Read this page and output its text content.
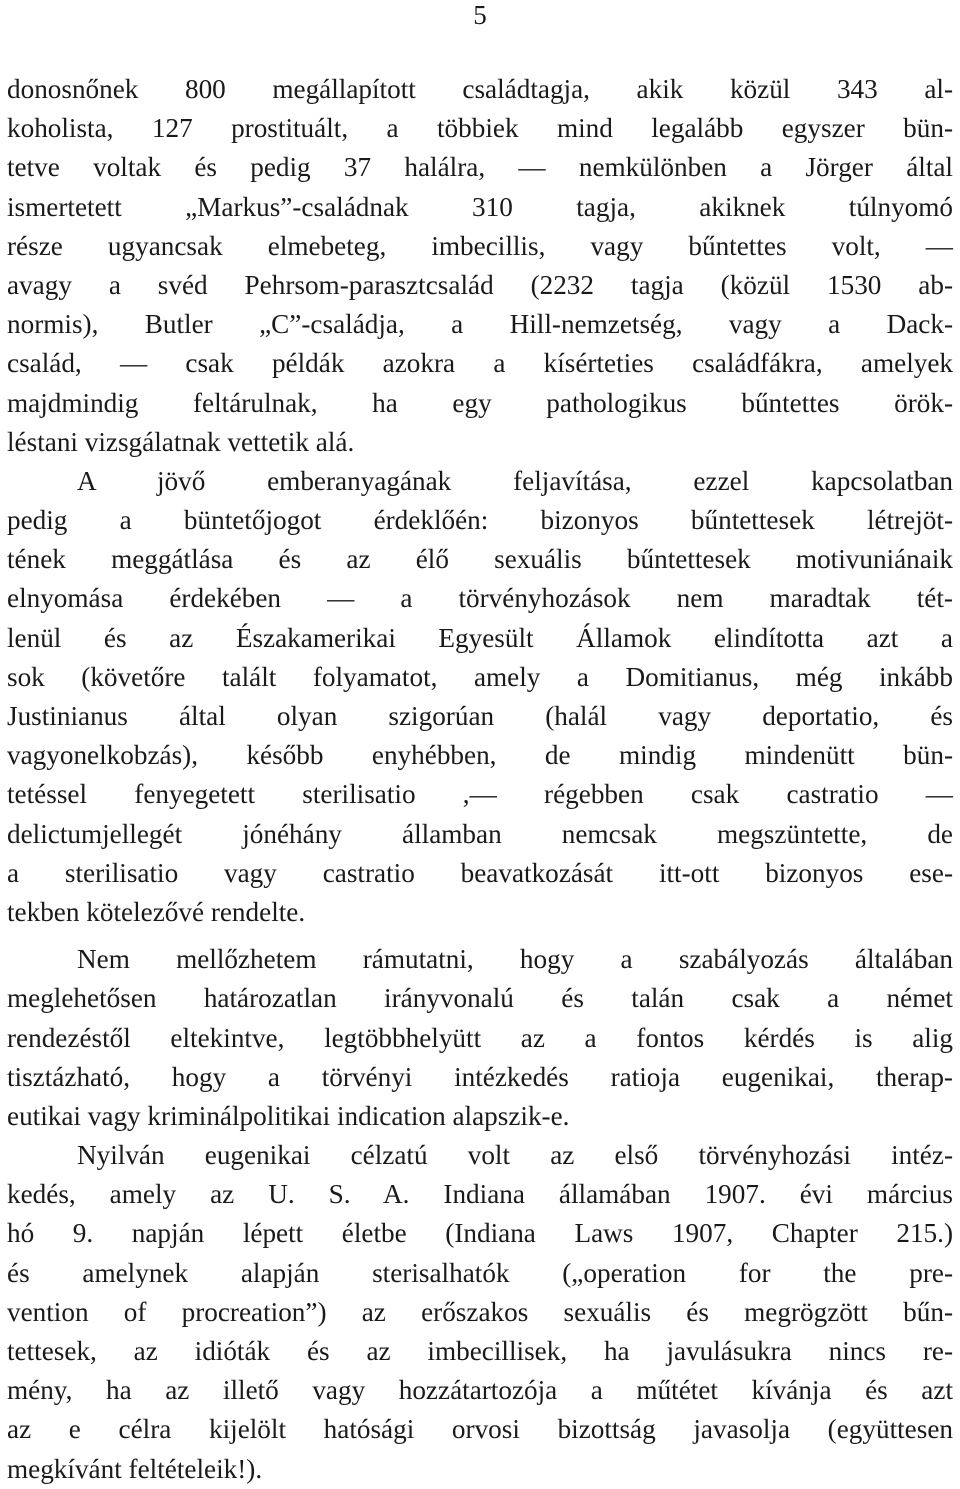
5
donosnőnek 800 megállapított családtagja, akik közül 343 al-
koholista, 127 prostituált, a többiek mind legalább egyszer bün-
tetve voltak és pedig 37 halálra, — nemkülönben a Jörger által
ismertetett „Markus”-családnak 310 tagja, akiknek túlnyomó
része ugyancsak elmebeteg, imbecillis, vagy bűntettes volt, —
avagy a svéd Pehrsom-parasztcsalád (2232 tagja (közül 1530 ab-
normis), Butler „C”-családja, a Hill-nemzetség, vagy a Dack-
család, — csak példák azokra a kísérteties családfákra, amelyek
majdmindig feltárulnak, ha egy pathologikus bűntettes örök-
léstani vizsgálatnak vettetik alá.
A jövő emberanyagának feljavítása, ezzel kapcsolatban
pedig a büntetőjogot érdeklőén: bizonyos bűntettesek létrejöt-
tének meggátlása és az élő sexuális bűntettesek motivuniánaik
elnyomása érdekében — a törvényhozások nem maradtak tét-
lenül és az Északamerikai Egyesült Államok elindította azt a
sok (követőre talált folyamatot, amely a Domitianus, még inkább
Justinianus által olyan szigorúan (halál vagy deportatio, és
vagyonelkobzás), később enyhébben, de mindig mindenütt bün-
tetéssel fenyegetett sterilisatio ,— régebben csak castratio —
delictumjellegét jónéhány államban nemcsak megszüntette, de
a sterilisatio vagy castratio beavatkozását itt-ott bizonyos ese-
tekben kötelezővé rendelte.
Nem mellőzhetem rámutatni, hogy a szabályozás általában
meglehetősen határozatlan irányvonalú és talán csak a német
rendezéstől eltekintve, legtöbbhelyütt az a fontos kérdés is alig
tisztázható, hogy a törvényi intézkedés ratioja eugenikai, therap-
eutikai vagy kriminálpolitikai indication alapszik-e.
Nyilván eugenikai célzatú volt az első törvényhozási intéz-
kedés, amely az U. S. A. Indiana államában 1907. évi március
hó 9. napján lépett életbe (Indiana Laws 1907, Chapter 215.)
és amelynek alapján sterisalhatók („operation for the pre-
vention of procreation”) az erőszakos sexuális és megrögzött bűn-
tettesek, az idióták és az imbecillisek, ha javulásukra nincs re-
mény, ha az illető vagy hozzátartozója a műtétet kívánja és azt
az e célra kijelölt hatósági orvosi bizottság javasolja (együttesen
megkívánt feltételeik!).
